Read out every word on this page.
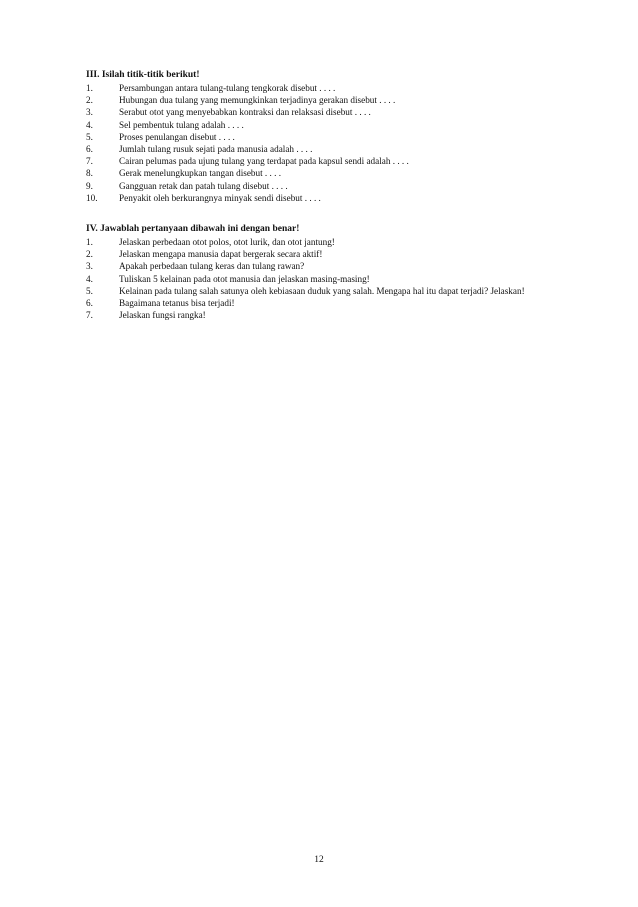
III. Isilah titik-titik berikut!
1.	Persambungan antara tulang-tulang tengkorak disebut . . . .
2.	Hubungan dua tulang yang memungkinkan terjadinya gerakan disebut . . . .
3.	Serabut otot yang menyebabkan kontraksi dan relaksasi disebut . . . .
4.	Sel pembentuk tulang adalah . . . .
5.	Proses penulangan disebut . . . .
6.	Jumlah tulang rusuk sejati pada manusia adalah . . . .
7.	Cairan pelumas pada ujung tulang yang terdapat pada kapsul sendi adalah . . . .
8.	Gerak menelungkupkan tangan disebut . . . .
9.	Gangguan retak dan patah tulang disebut . . . .
10.	Penyakit oleh berkurangnya minyak sendi disebut . . . .
IV. Jawablah pertanyaan dibawah ini dengan benar!
1.	Jelaskan perbedaan otot polos, otot lurik, dan otot jantung!
2.	Jelaskan mengapa manusia dapat bergerak secara aktif!
3.	Apakah perbedaan tulang keras dan tulang rawan?
4.	Tuliskan 5 kelainan pada otot manusia dan jelaskan masing-masing!
5.	Kelainan pada tulang salah satunya oleh kebiasaan duduk yang salah. Mengapa hal itu dapat terjadi? Jelaskan!
6.	Bagaimana tetanus bisa terjadi!
7.	Jelaskan fungsi rangka!
12
